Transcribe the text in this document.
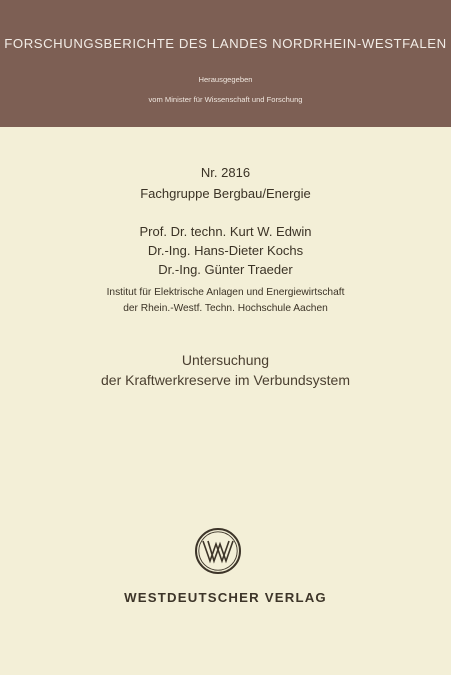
FORSCHUNGSBERICHTE DES LANDES NORDRHEIN-WESTFALEN
Herausgegeben
vom Minister für Wissenschaft und Forschung
Nr. 2816
Fachgruppe Bergbau/Energie
Prof. Dr. techn. Kurt W. Edwin
Dr.-Ing. Hans-Dieter Kochs
Dr.-Ing. Günter Traeder
Institut für Elektrische Anlagen und Energiewirtschaft
der Rhein.-Westf. Techn. Hochschule Aachen
Untersuchung
der Kraftwerkreserve im Verbundsystem
WESTDEUTSCHER VERLAG
